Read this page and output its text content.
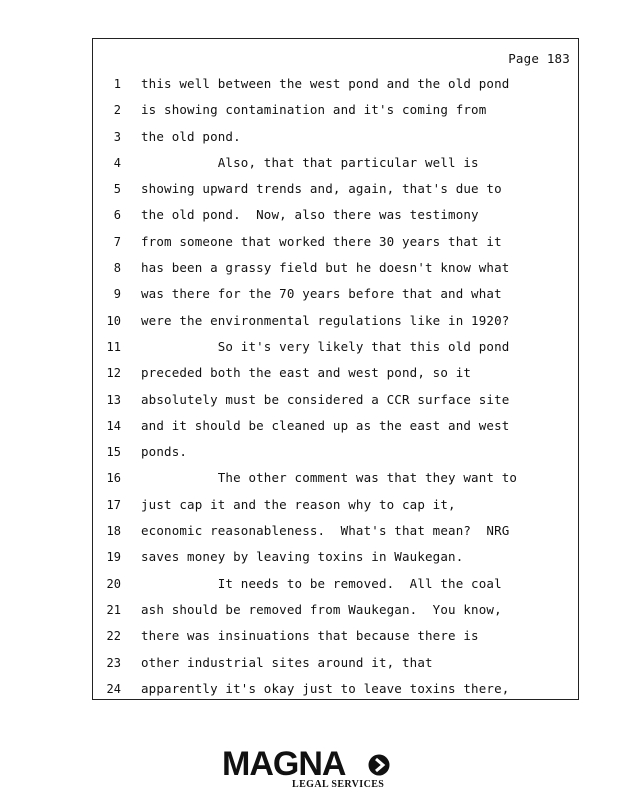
Page 183
1 this well between the west pond and the old pond
2 is showing contamination and it's coming from
3 the old pond.
4 Also, that that particular well is
5 showing upward trends and, again, that's due to
6 the old pond.  Now, also there was testimony
7 from someone that worked there 30 years that it
8 has been a grassy field but he doesn't know what
9 was there for the 70 years before that and what
10 were the environmental regulations like in 1920?
11 So it's very likely that this old pond
12 preceded both the east and west pond, so it
13 absolutely must be considered a CCR surface site
14 and it should be cleaned up as the east and west
15 ponds.
16 The other comment was that they want to
17 just cap it and the reason why to cap it,
18 economic reasonableness.  What's that mean?  NRG
19 saves money by leaving toxins in Waukegan.
20 It needs to be removed.  All the coal
21 ash should be removed from Waukegan.  You know,
22 there was insinuations that because there is
23 other industrial sites around it, that
24 apparently it's okay just to leave toxins there,
MAGNA
LEGAL SERVICES
